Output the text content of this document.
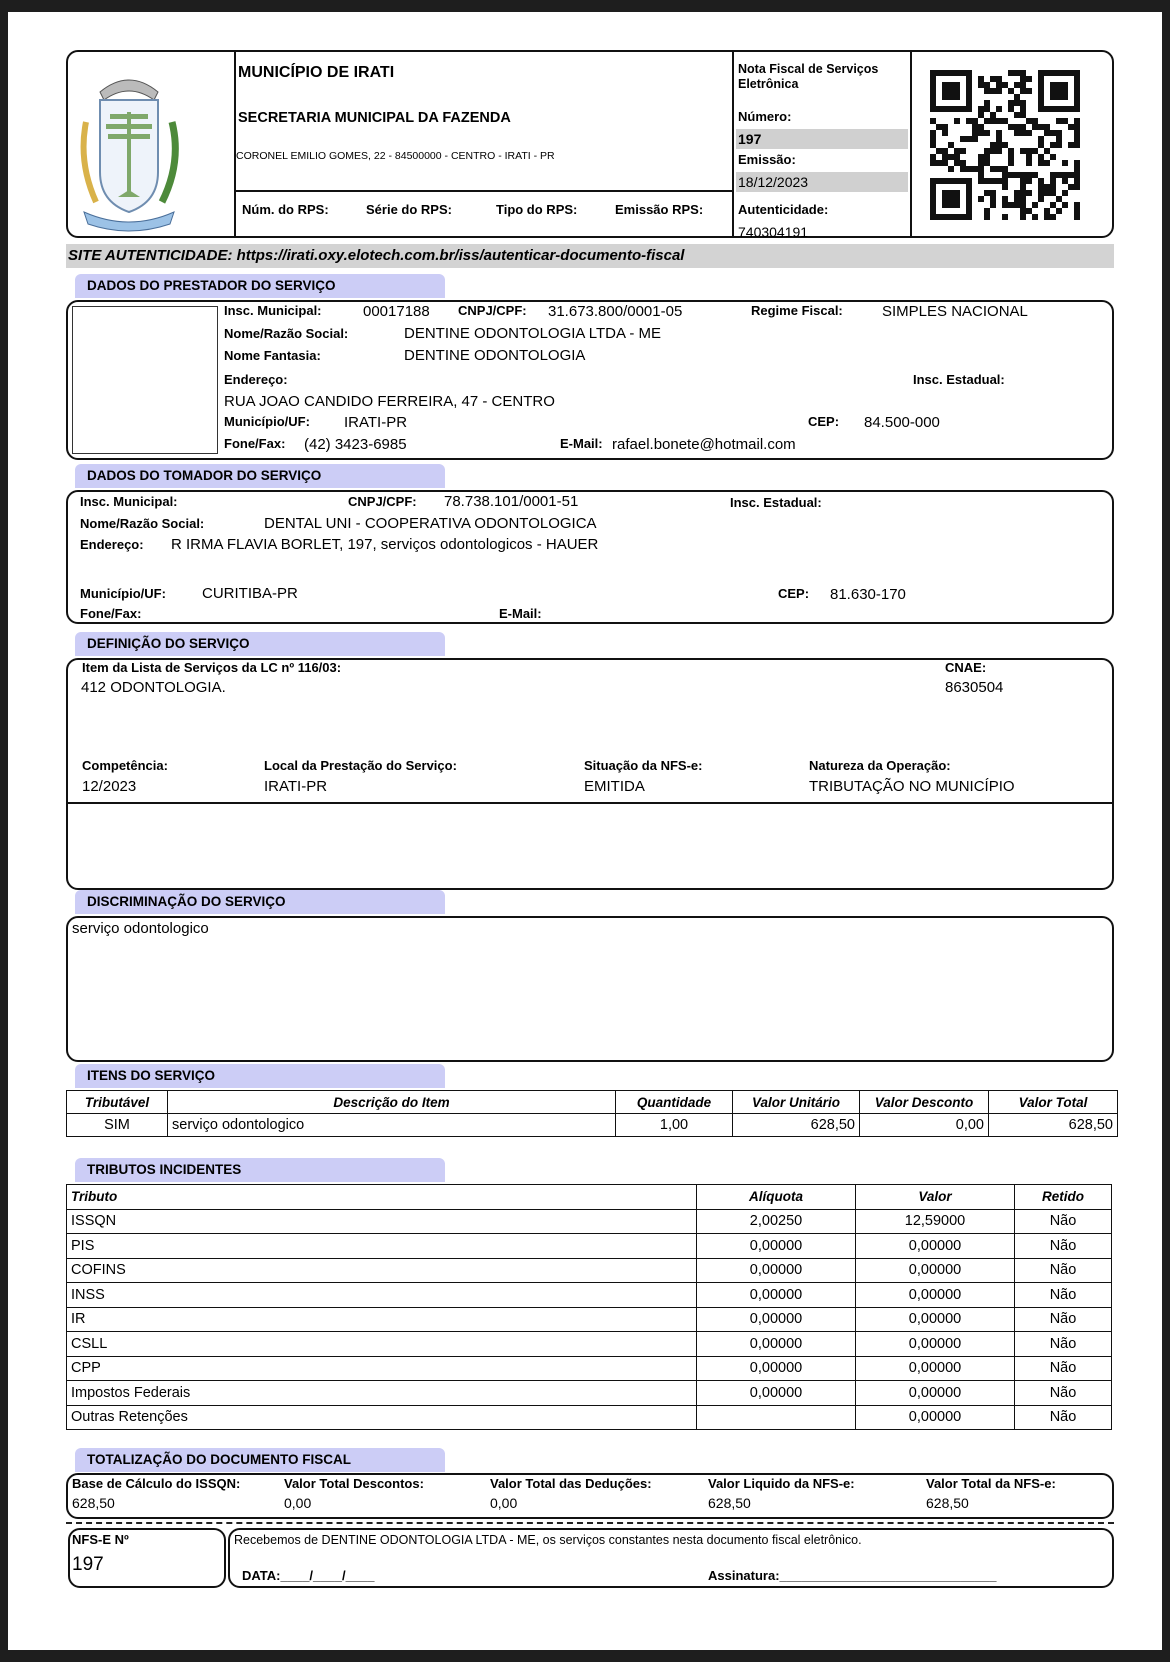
MUNICÍPIO DE IRATI
SECRETARIA MUNICIPAL DA FAZENDA
CORONEL EMILIO GOMES, 22 - 84500000 - CENTRO - IRATI - PR
Núm. do RPS:	Série do RPS:	Tipo do RPS:	Emissão RPS:
Nota Fiscal de Serviços Eletrônica
Número:
197
Emissão:
18/12/2023
Autenticidade:
740304191
SITE AUTENTICIDADE: https://irati.oxy.elotech.com.br/iss/autenticar-documento-fiscal
DADOS DO PRESTADOR DO SERVIÇO
Insc. Municipal:	00017188 CNPJ/CPF: 31.673.800/0001-05	Regime Fiscal:	SIMPLES NACIONAL
Nome/Razão Social:	DENTINE ODONTOLOGIA LTDA - ME
Nome Fantasia:	DENTINE ODONTOLOGIA
Endereço:	Insc. Estadual:
RUA JOAO CANDIDO FERREIRA, 47 - CENTRO
Município/UF: IRATI-PR	CEP: 84.500-000
Fone/Fax: (42) 3423-6985	E-Mail: rafael.bonete@hotmail.com
DADOS DO TOMADOR DO SERVIÇO
Insc. Municipal:	CNPJ/CPF: 78.738.101/0001-51	Insc. Estadual:
Nome/Razão Social:	DENTAL UNI - COOPERATIVA ODONTOLOGICA
Endereço: R IRMA FLAVIA BORLET, 197, serviços odontologicos - HAUER
Município/UF: CURITIBA-PR	CEP: 81.630-170
Fone/Fax:	E-Mail:
DEFINIÇÃO DO SERVIÇO
Item da Lista de Serviços da LC nº 116/03:
412 ODONTOLOGIA.
CNAE:
8630504
Competência:
12/2023
Local da Prestação do Serviço:
IRATI-PR
Situação da NFS-e:
EMITIDA
Natureza da Operação:
TRIBUTAÇÃO NO MUNICÍPIO
DISCRIMINAÇÃO DO SERVIÇO
serviço odontologico
ITENS DO SERVIÇO
Tributável	Descrição do Item	Quantidade	Valor Unitário	Valor Desconto	Valor Total
SIM	serviço odontologico	1,00	628,50	0,00	628,50
TRIBUTOS INCIDENTES
Tributo	Alíquota	Valor	Retido
ISSQN	2,00250	12,59000	Não
PIS	0,00000	0,00000	Não
COFINS	0,00000	0,00000	Não
INSS	0,00000	0,00000	Não
IR	0,00000	0,00000	Não
CSLL	0,00000	0,00000	Não
CPP	0,00000	0,00000	Não
Impostos Federais	0,00000	0,00000	Não
Outras Retenções		0,00000	Não
TOTALIZAÇÃO DO DOCUMENTO FISCAL
Base de Cálculo do ISSQN:
628,50
Valor Total Descontos:
0,00
Valor Total das Deduções:
0,00
Valor Liquido da NFS-e:
628,50
Valor Total da NFS-e:
628,50
NFS-E Nº
197
Recebemos de DENTINE ODONTOLOGIA LTDA - ME, os serviços constantes nesta documento fiscal eletrônico.
DATA:____/____/____	Assinatura:______________________________
